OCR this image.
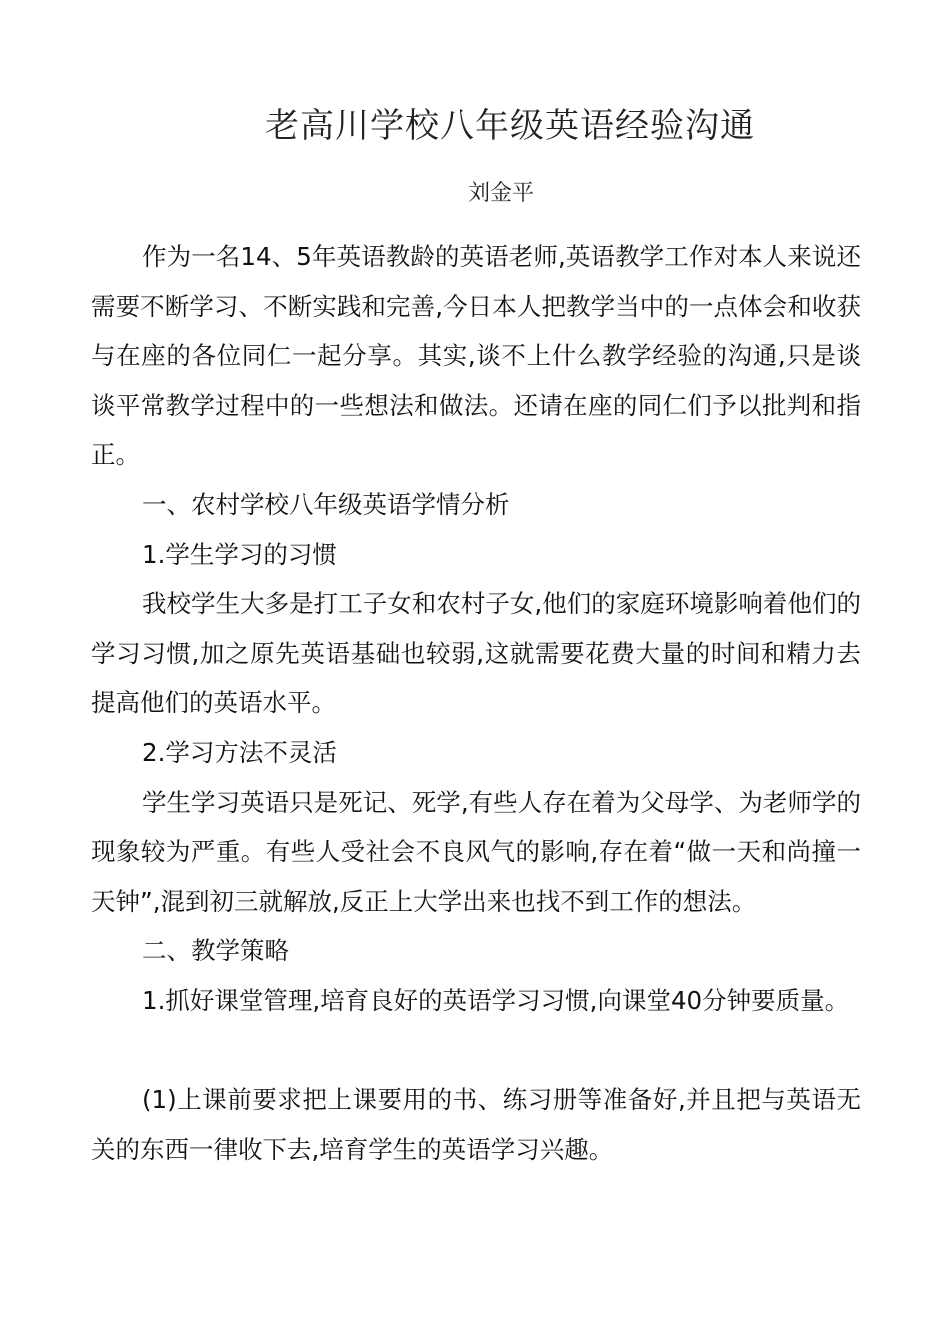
老高川学校八年级英语经验沟通
刘金平

作为一名14、5年英语教龄的英语老师,英语教学工作对本人来说还需要不断学习、不断实践和完善,今日本人把教学当中的一点体会和收获与在座的各位同仁一起分享。其实,谈不上什么教学经验的沟通,只是谈谈平常教学过程中的一些想法和做法。还请在座的同仁们予以批判和指正。

一、农村学校八年级英语学情分析

1.学生学习的习惯

我校学生大多是打工子女和农村子女,他们的家庭环境影响着他们的学习习惯,加之原先英语基础也较弱,这就需要花费大量的时间和精力去提高他们的英语水平。

2.学习方法不灵活

学生学习英语只是死记、死学,有些人存在着为父母学、为老师学的现象较为严重。有些人受社会不良风气的影响,存在着“做一天和尚撞一天钟”,混到初三就解放,反正上大学出来也找不到工作的想法。

二、教学策略

1.抓好课堂管理,培育良好的英语学习习惯,向课堂40分钟要质量。

(1)上课前要求把上课要用的书、练习册等准备好,并且把与英语无关的东西一律收下去,培育学生的英语学习兴趣。
